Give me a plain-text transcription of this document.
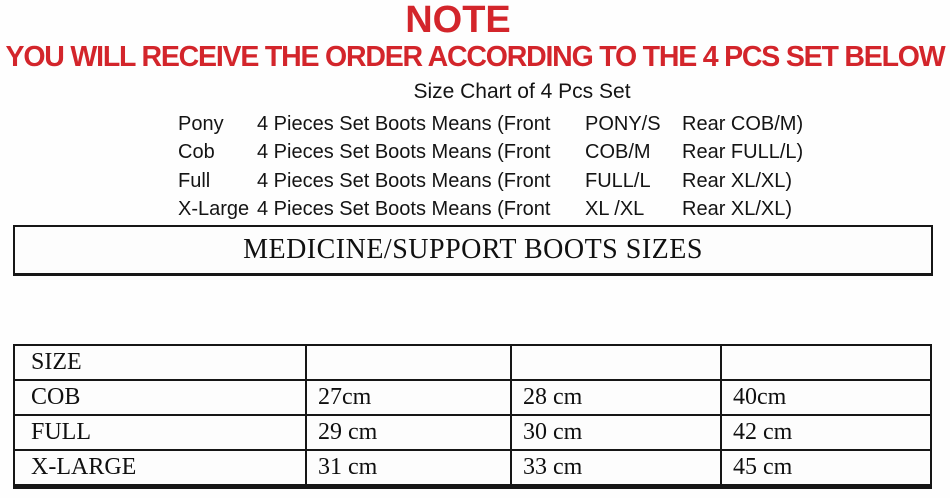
NOTE
YOU WILL RECEIVE THE ORDER ACCORDING TO THE 4 PCS SET BELOW
Size Chart of 4 Pcs Set
Pony	4 Pieces Set Boots Means (Front	PONY/S	Rear COB/M)
Cob	4 Pieces Set Boots Means (Front	COB/M	Rear FULL/L)
Full	4 Pieces Set Boots Means (Front	FULL/L	Rear XL/XL)
X-Large 4 Pieces Set Boots Means (Front	XL /XL	Rear XL/XL)
MEDICINE/SUPPORT BOOTS SIZES
SIZE			
COB	27cm	28 cm	40cm
FULL	29 cm	30 cm	42 cm
X-LARGE	31 cm	33 cm	45 cm
